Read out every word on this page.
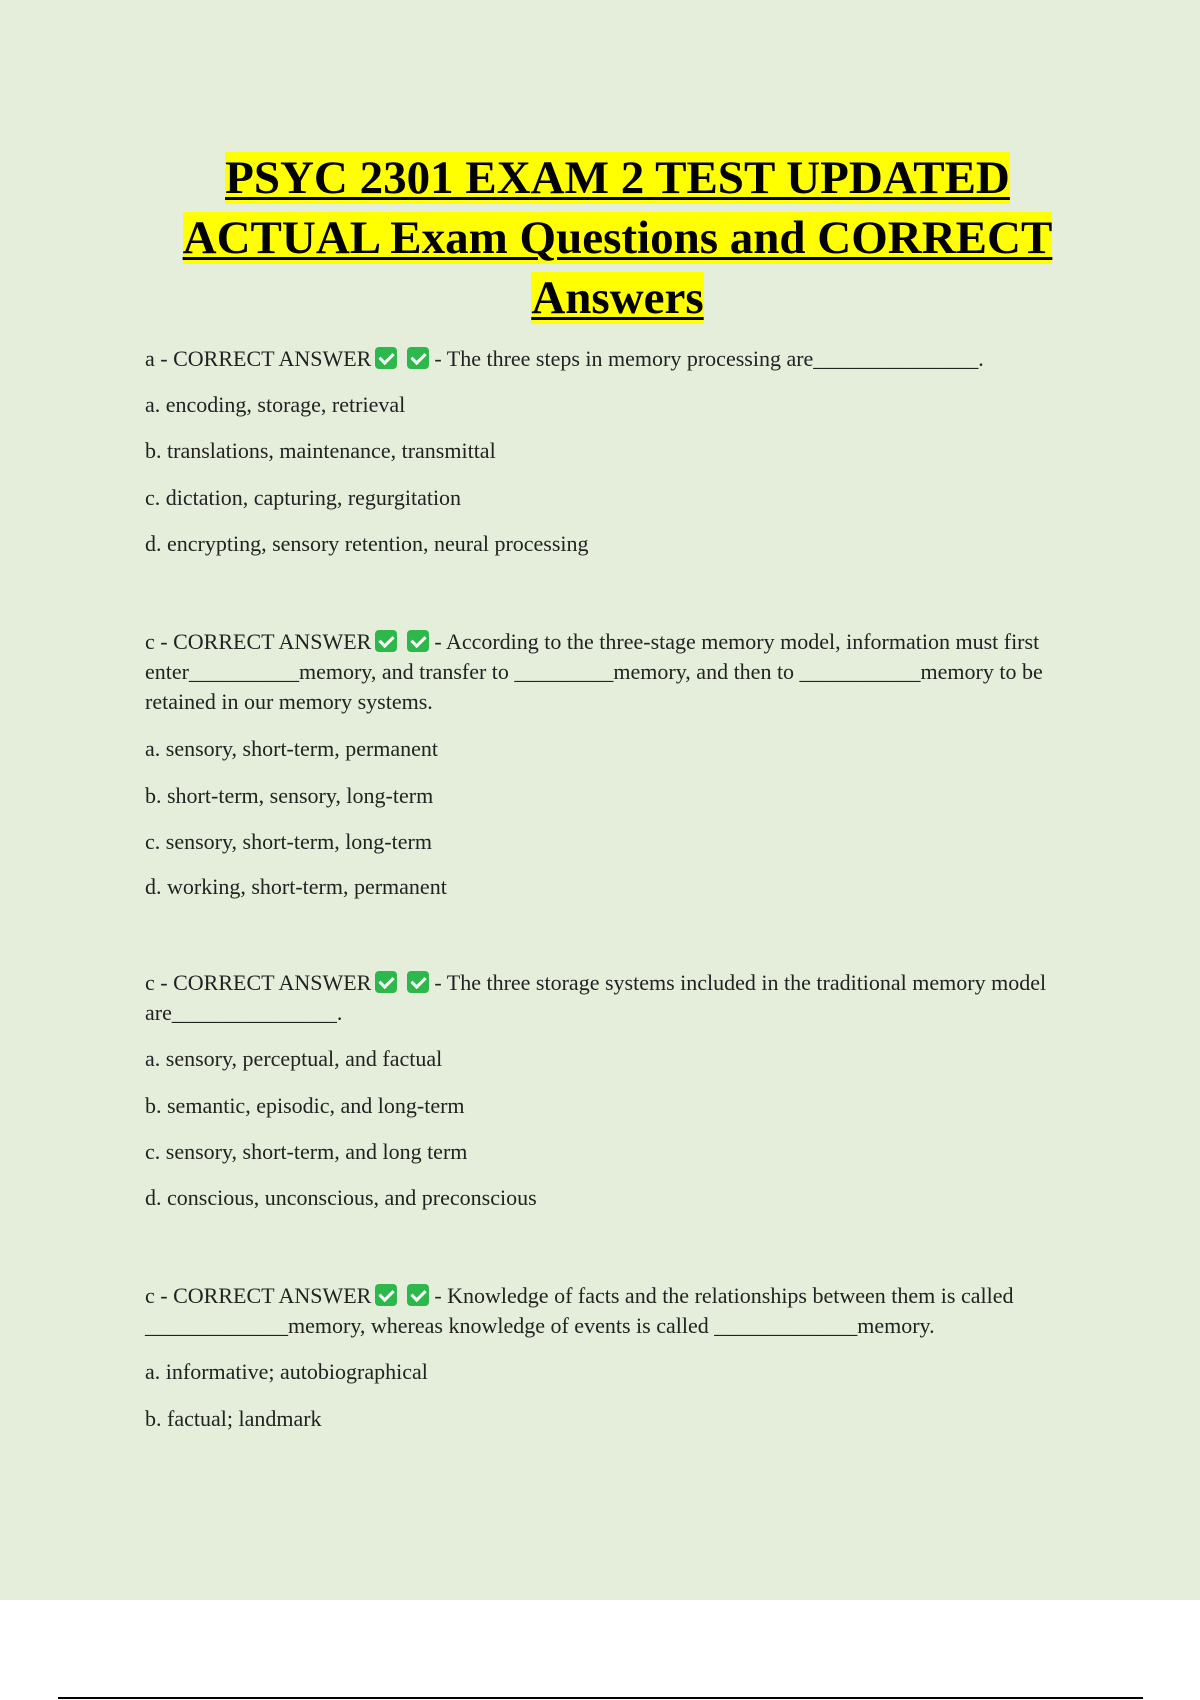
PSYC 2301 EXAM 2 TEST UPDATED
ACTUAL Exam Questions and CORRECT
Answers

a - CORRECT ANSWER	- The three steps in memory processing are_______________.

a. encoding, storage, retrieval

b. translations, maintenance, transmittal

c. dictation, capturing, regurgitation

d. encrypting, sensory retention, neural processing

c - CORRECT ANSWER	- According to the three-stage memory model, information must first enter__________memory, and transfer to _________memory, and then to ___________memory to be retained in our memory systems.

a. sensory, short-term, permanent

b. short-term, sensory, long-term

c. sensory, short-term, long-term

d. working, short-term, permanent

c - CORRECT ANSWER	- The three storage systems included in the traditional memory model are_______________.

a. sensory, perceptual, and factual

b. semantic, episodic, and long-term

c. sensory, short-term, and long term

d. conscious, unconscious, and preconscious

c - CORRECT ANSWER	- Knowledge of facts and the relationships between them is called _____________memory, whereas knowledge of events is called _____________memory.

a. informative; autobiographical

b. factual; landmark
